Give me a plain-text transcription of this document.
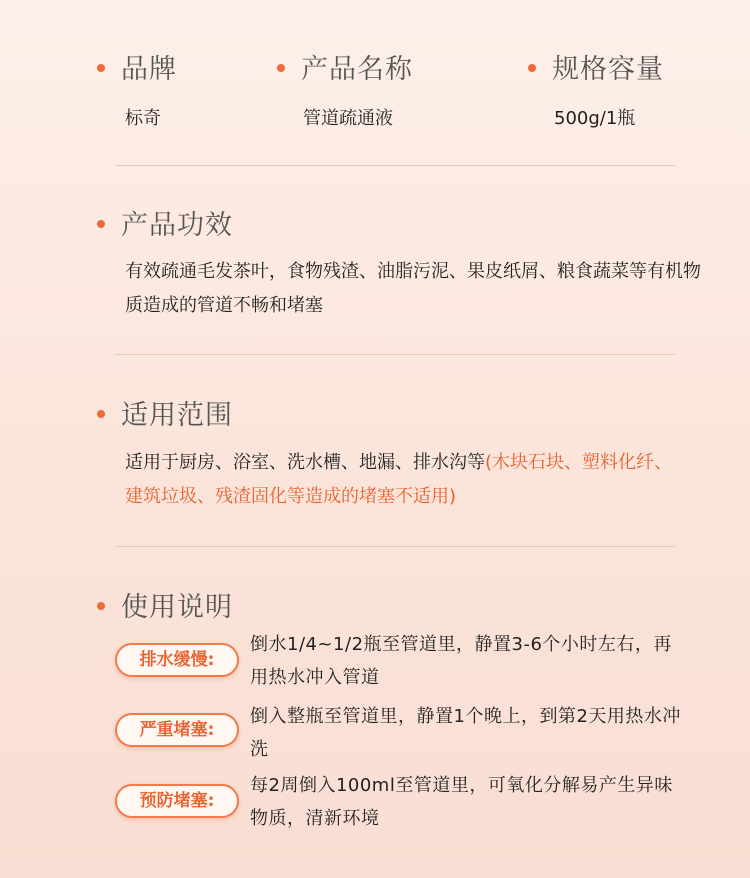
品牌	产品名称	规格容量
标奇	管道疏通液	500g/1瓶
产品功效
有效疏通毛发茶叶，食物残渣、油脂污泥、果皮纸屑、粮食蔬菜等有机物质造成的管道不畅和堵塞
适用范围
适用于厨房、浴室、洗水槽、地漏、排水沟等(木块石块、塑料化纤、建筑垃圾、残渣固化等造成的堵塞不适用)
使用说明
排水缓慢:
倒水1/4~1/2瓶至管道里，静置3-6个小时左右，再用热水冲入管道
严重堵塞:
倒入整瓶至管道里，静置1个晚上，到第2天用热水冲洗
预防堵塞:
每2周倒入100ml至管道里，可氧化分解易产生异味物质，清新环境
